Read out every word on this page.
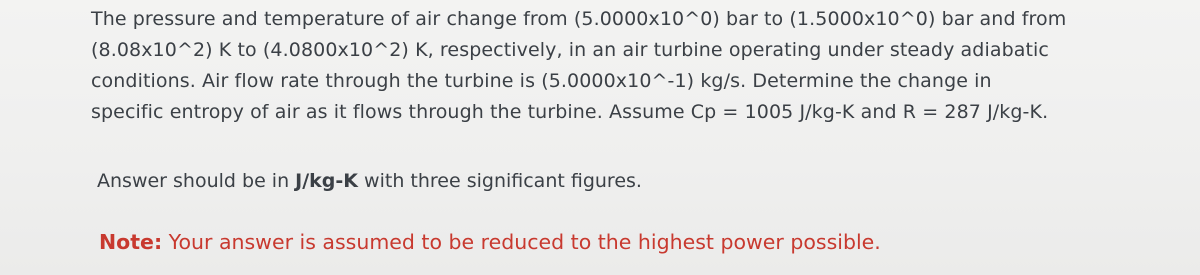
The pressure and temperature of air change from (5.0000x10^0) bar to (1.5000x10^0) bar and from
(8.08x10^2) K to (4.0800x10^2) K, respectively, in an air turbine operating under steady adiabatic
conditions. Air flow rate through the turbine is (5.0000x10^-1) kg/s. Determine the change in
specific entropy of air as it flows through the turbine. Assume Cp = 1005 J/kg-K and R = 287 J/kg-K.
Answer should be in J/kg-K with three significant figures.
Note: Your answer is assumed to be reduced to the highest power possible.
